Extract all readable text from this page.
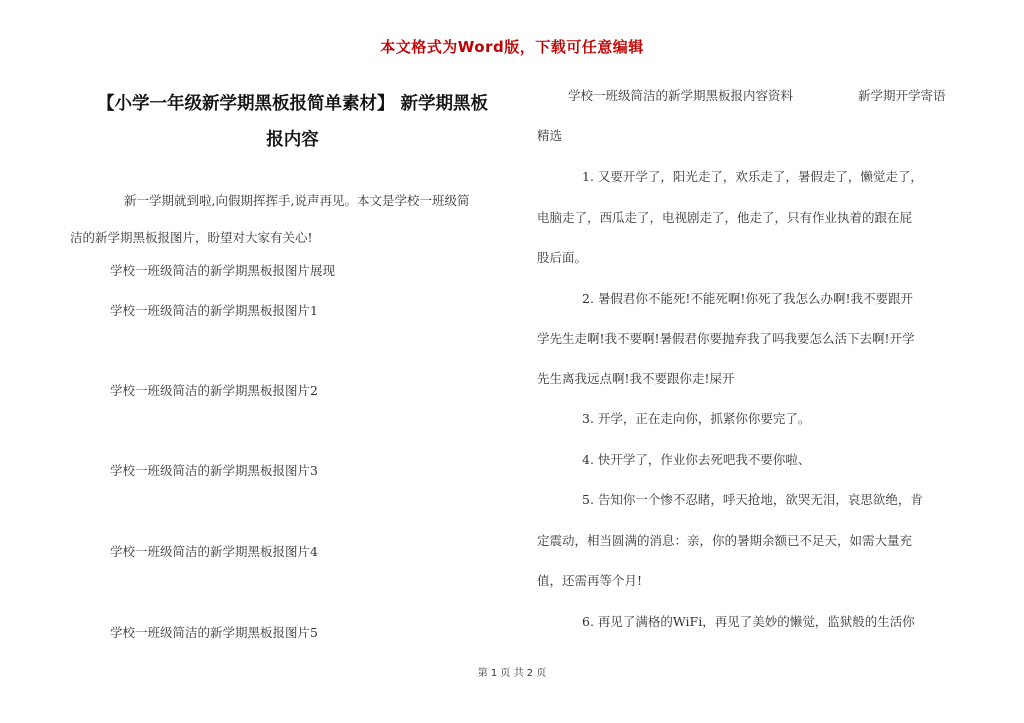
本文格式为Word版，下载可任意编辑
【小学一年级新学期黑板报简单素材】 新学期黑板
报内容
新一学期就到啦,向假期挥挥手,说声再见。本文是学校一班级简
洁的新学期黑板报图片，盼望对大家有关心!
学校一班级简洁的新学期黑板报图片展现
学校一班级简洁的新学期黑板报图片1
学校一班级简洁的新学期黑板报图片2
学校一班级简洁的新学期黑板报图片3
学校一班级简洁的新学期黑板报图片4
学校一班级简洁的新学期黑板报图片5
学校一班级简洁的新学期黑板报内容资料	新学期开学寄语
精选
1. 又要开学了，阳光走了，欢乐走了，暑假走了，懒觉走了，
电脑走了，西瓜走了，电视剧走了，他走了，只有作业执着的跟在屁
股后面。
2. 暑假君你不能死!不能死啊!你死了我怎么办啊!我不要跟开
学先生走啊!我不要啊!暑假君你要抛弃我了吗我要怎么活下去啊!开学
先生离我远点啊!我不要跟你走!屎开
3. 开学，正在走向你，抓紧你你要完了。
4. 快开学了，作业你去死吧我不要你啦、
5. 告知你一个惨不忍睹，呼天抢地，欲哭无泪，哀思欲绝，肯
定震动，相当圆满的消息：亲，你的暑期余额已不足天，如需大量充
值，还需再等个月!
6. 再见了满格的WiFi，再见了美妙的懒觉，监狱般的生活你
第 1 页 共 2 页
